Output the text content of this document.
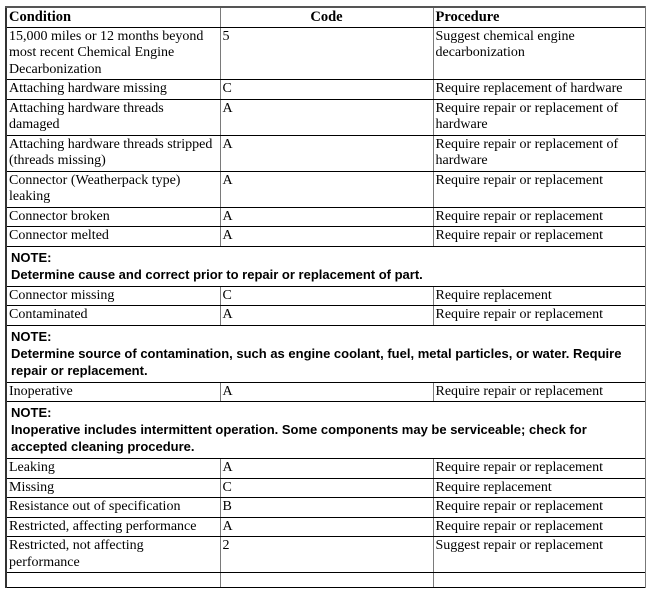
Condition	Code	Procedure
15,000 miles or 12 months beyond most recent Chemical Engine Decarbonization	5	Suggest chemical engine decarbonization
Attaching hardware missing	C	Require replacement of hardware
Attaching hardware threads damaged	A	Require repair or replacement of hardware
Attaching hardware threads stripped (threads missing)	A	Require repair or replacement of hardware
Connector (Weatherpack type) leaking	A	Require repair or replacement
Connector broken	A	Require repair or replacement
Connector melted	A	Require repair or replacement

NOTE:
Determine cause and correct prior to repair or replacement of part.		

Connector missing	C	Require replacement
Contaminated	A	Require repair or replacement

NOTE:
Determine source of contamination, such as engine coolant, fuel, metal particles, or water. Require repair or replacement.		

Inoperative	A	Require repair or replacement

NOTE:
Inoperative includes intermittent operation. Some components may be serviceable; check for accepted cleaning procedure.		

Leaking	A	Require repair or replacement
Missing	C	Require replacement
Resistance out of specification	B	Require repair or replacement
Restricted, affecting performance	A	Require repair or replacement
Restricted, not affecting performance	2	Suggest repair or replacement
